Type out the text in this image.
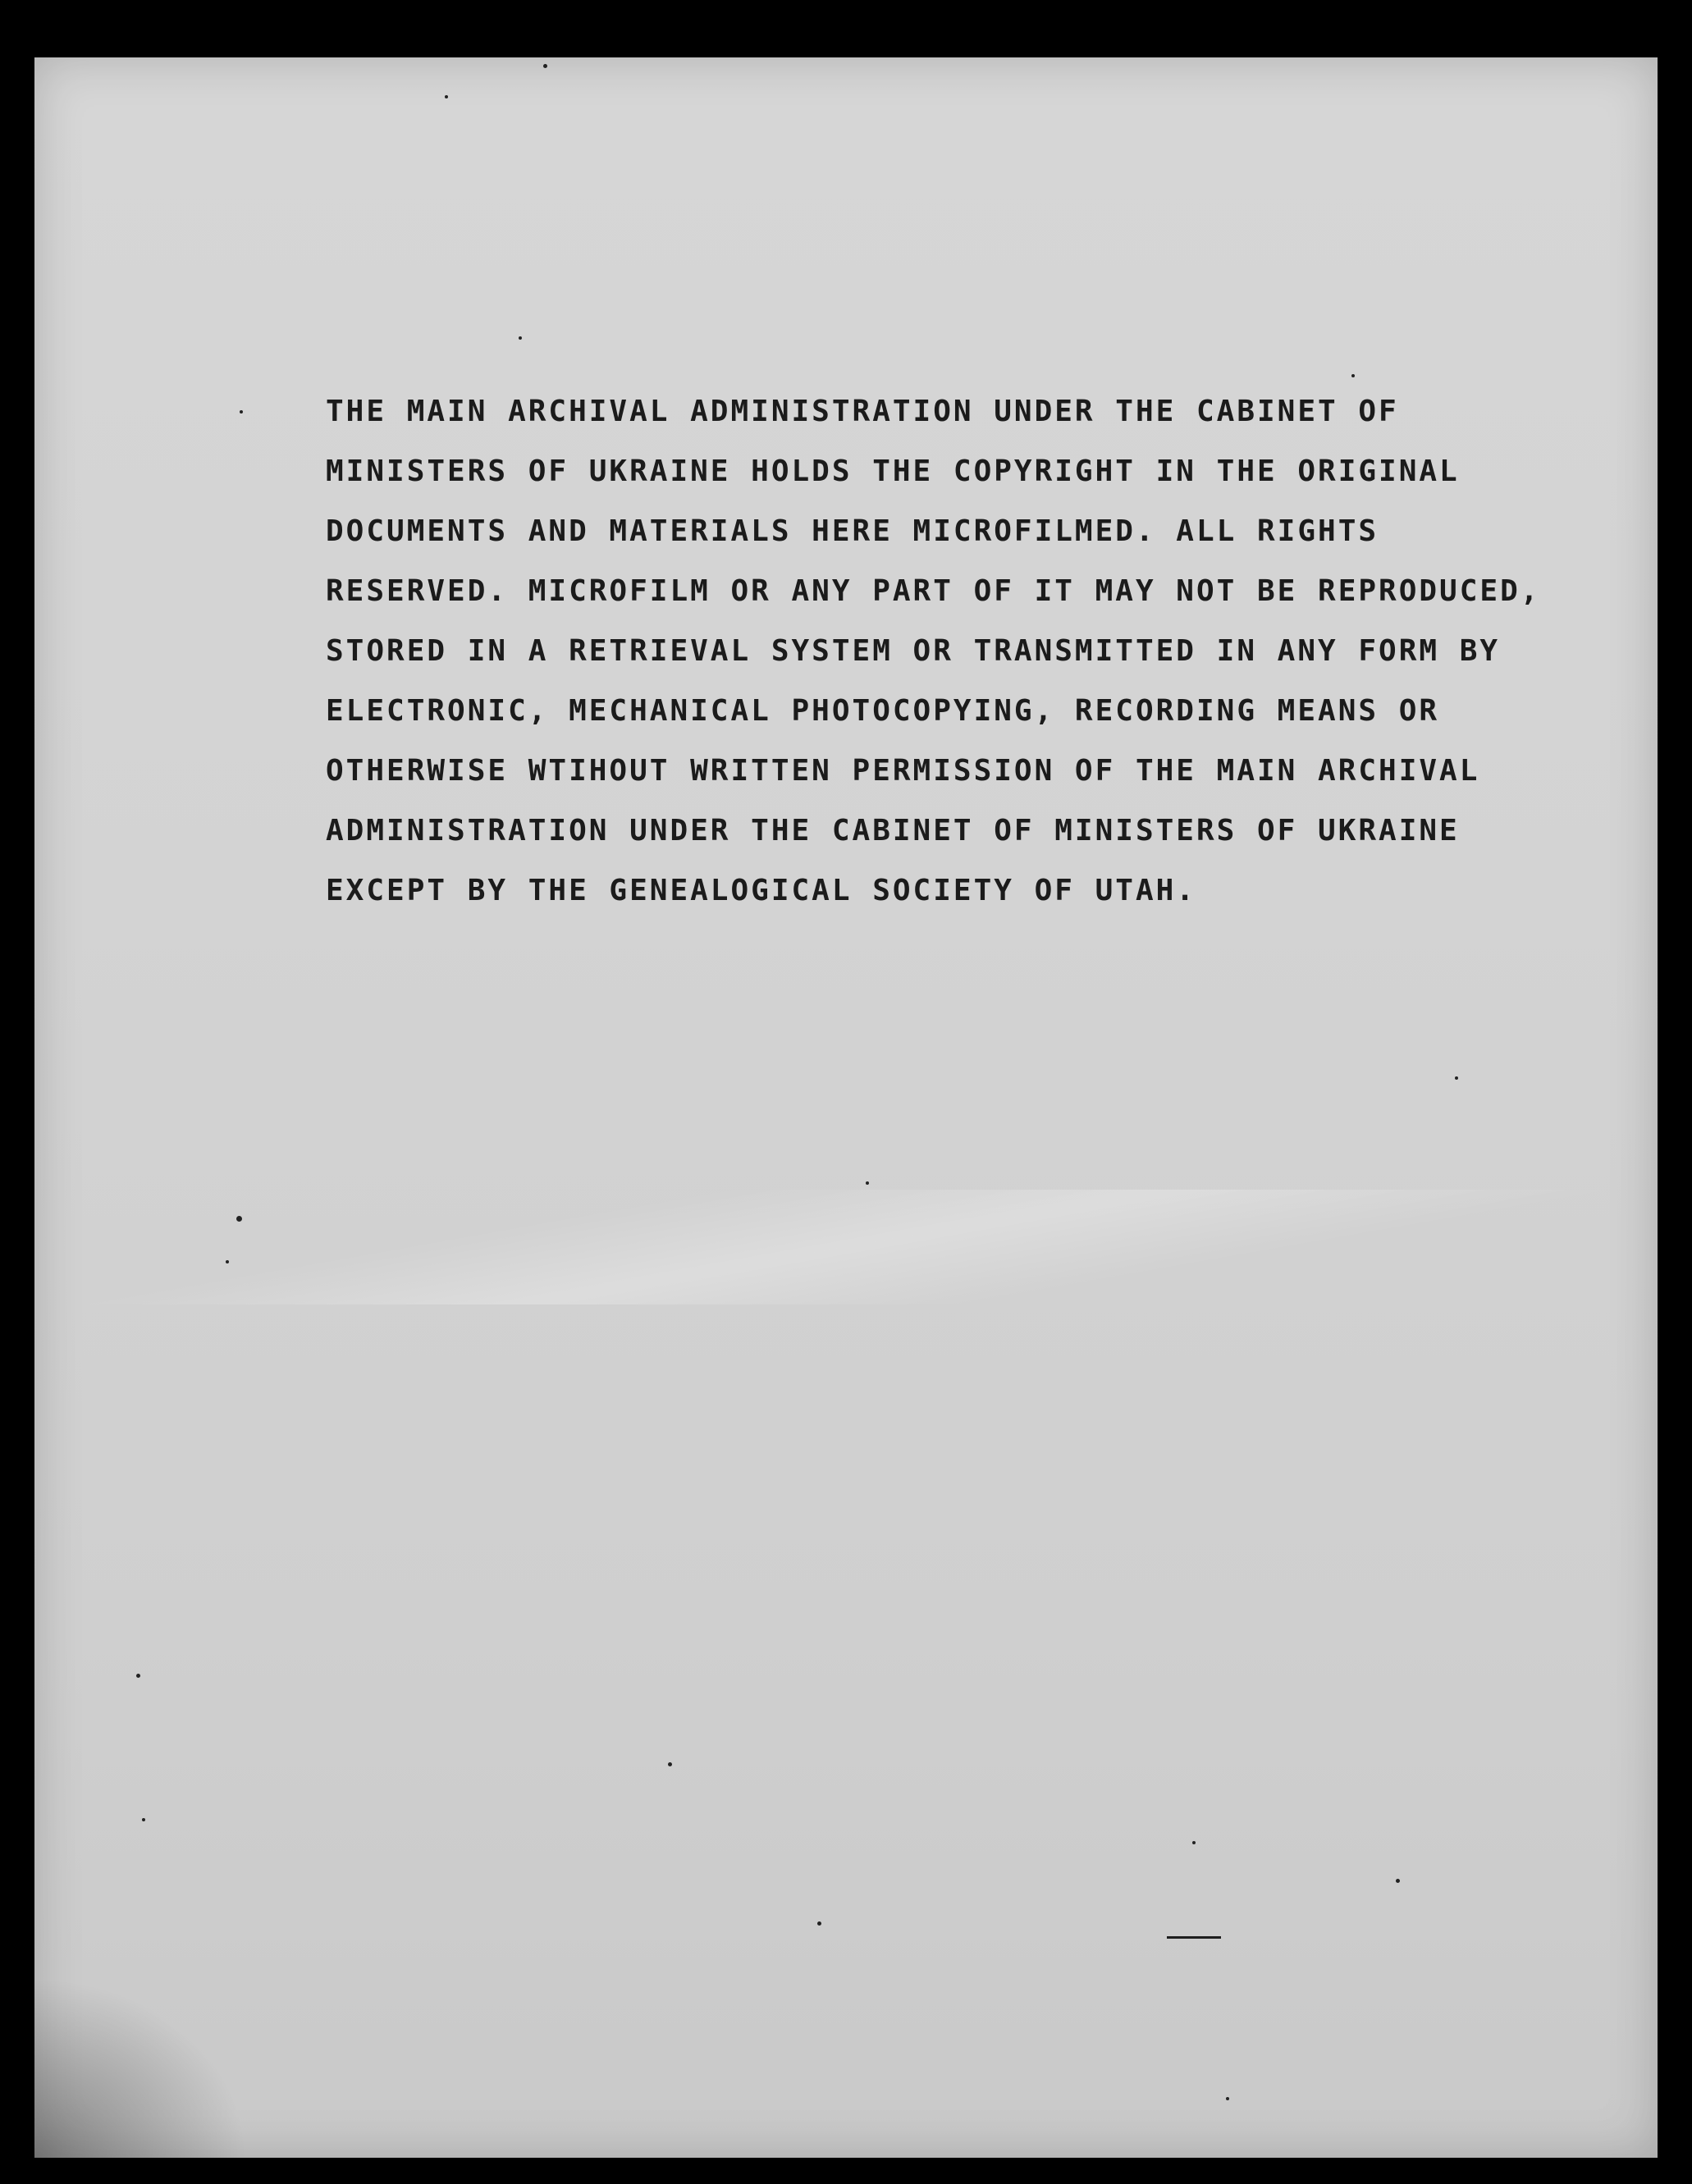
THE MAIN ARCHIVAL ADMINISTRATION UNDER THE CABINET OF
MINISTERS OF UKRAINE HOLDS THE COPYRIGHT IN THE ORIGINAL
DOCUMENTS AND MATERIALS HERE MICROFILMED. ALL RIGHTS
RESERVED. MICROFILM OR ANY PART OF IT MAY NOT BE REPRODUCED,
STORED IN A RETRIEVAL SYSTEM OR TRANSMITTED IN ANY FORM BY
ELECTRONIC, MECHANICAL PHOTOCOPYING, RECORDING MEANS OR
OTHERWISE WTIHOUT WRITTEN PERMISSION OF THE MAIN ARCHIVAL
ADMINISTRATION UNDER THE CABINET OF MINISTERS OF UKRAINE
EXCEPT BY THE GENEALOGICAL SOCIETY OF UTAH.
